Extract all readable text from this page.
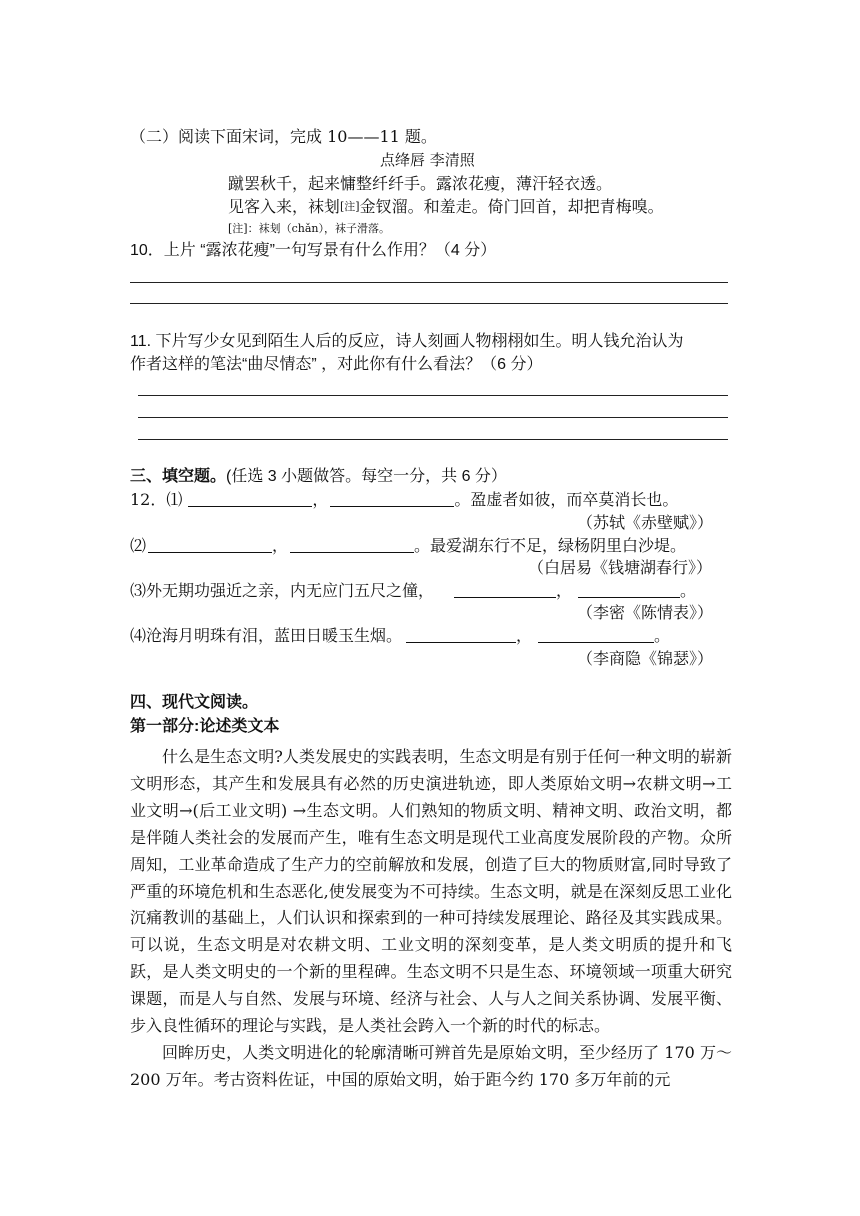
（二）阅读下面宋词，完成 10——11 题。
点绛唇 李清照
蹴罢秋千，起来慵整纤纤手。露浓花瘦，薄汗轻衣透。
见客入来，袜刬[注]金钗溜。和羞走。倚门回首，却把青梅嗅。
[注]：袜刬（chǎn），袜子滑落。
10．上片 “露浓花瘦”一句写景有什么作用？（4 分）
11. 下片写少女见到陌生人后的反应，诗人刻画人物栩栩如生。明人钱允治认为
作者这样的笔法“曲尽情态” ，对此你有什么看法？（6 分）
三、填空题。(任选 3 小题做答。每空一分，共 6 分）
12．⑴	，	。盈虚者如彼，而卒莫消长也。
（苏轼《赤壁赋》）
⑵	，	。最爱湖东行不足，绿杨阴里白沙堤。
（白居易《钱塘湖春行》）
⑶外无期功强近之亲，内无应门五尺之僮，	，	。
（李密《陈情表》）
⑷沧海月明珠有泪，蓝田日暖玉生烟。	，	。
（李商隐《锦瑟》）
四、现代文阅读。
第一部分:论述类文本

什么是生态文明?人类发展史的实践表明，生态文明是有别于任何一种文明的崭新文明形态，其产生和发展具有必然的历史演进轨迹，即人类原始文明→农耕文明→工业文明→(后工业文明) →生态文明。人们熟知的物质文明、精神文明、政治文明，都是伴随人类社会的发展而产生，唯有生态文明是现代工业高度发展阶段的产物。众所周知，工业革命造成了生产力的空前解放和发展，创造了巨大的物质财富,同时导致了严重的环境危机和生态恶化,使发展变为不可持续。生态文明，就是在深刻反思工业化沉痛教训的基础上，人们认识和探索到的一种可持续发展理论、路径及其实践成果。可以说，生态文明是对农耕文明、工业文明的深刻变革，是人类文明质的提升和飞跃，是人类文明史的一个新的里程碑。生态文明不只是生态、环境领域一项重大研究课题，而是人与自然、发展与环境、经济与社会、人与人之间关系协调、发展平衡、步入良性循环的理论与实践，是人类社会跨入一个新的时代的标志。

回眸历史，人类文明进化的轮廓清晰可辨首先是原始文明，至少经历了 170 万～200 万年。考古资料佐证，中国的原始文明，始于距今约 170 多万年前的元
